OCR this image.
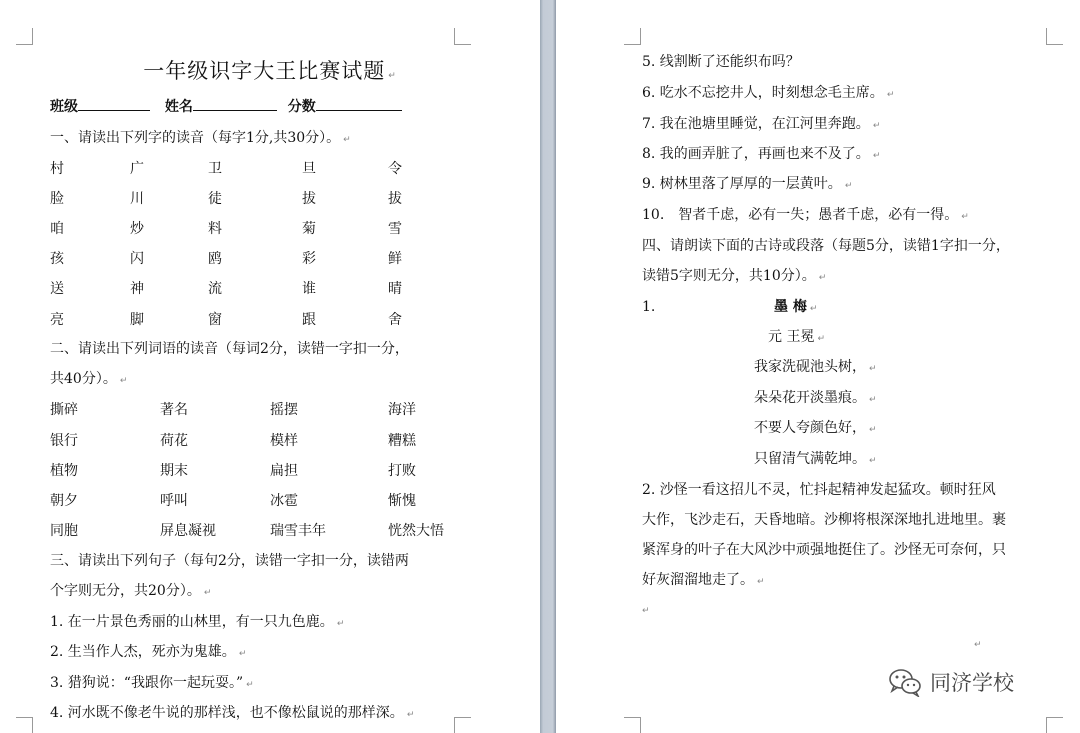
一年级识字大王比赛试题 ↵
班级	姓名	分数
一、请读出下列字的读音（每字1分,共30分）。 ↵
村	广	卫	旦	令
脸	川	徒	拔	拔
咱	炒	料	菊	雪
孩	闪	鸥	彩	鲜
送	神	流	谁	晴
亮	脚	窗	跟	舍
二、请读出下列词语的读音（每词2分，读错一字扣一分，
共40分）。 ↵
撕碎	著名	摇摆	海洋
银行	荷花	模样	糟糕
植物	期末	扁担	打败
朝夕	呼叫	冰雹	惭愧
同胞	屏息凝视	瑞雪丰年	恍然大悟
三、请读出下列句子（每句2分，读错一字扣一分，读错两
个字则无分，共20分）。 ↵
1. 在一片景色秀丽的山林里，有一只九色鹿。 ↵
2. 生当作人杰，死亦为鬼雄。 ↵
3. 猎狗说：“我跟你一起玩耍。” ↵
4. 河水既不像老牛说的那样浅，也不像松鼠说的那样深。 ↵
5. 线割断了还能织布吗？
6. 吃水不忘挖井人，时刻想念毛主席。 ↵
7. 我在池塘里睡觉，在江河里奔跑。 ↵
8. 我的画弄脏了，再画也来不及了。 ↵
9. 树林里落了厚厚的一层黄叶。 ↵
10.　智者千虑，必有一失；愚者千虑，必有一得。 ↵
四、请朗读下面的古诗或段落（每题5分，读错1字扣一分，
读错5字则无分，共10分）。 ↵
1.	墨 梅 ↵
元 王冕 ↵
我家洗砚池头树， ↵
朵朵花开淡墨痕。 ↵
不要人夸颜色好， ↵
只留清气满乾坤。 ↵
2. 沙怪一看这招儿不灵，忙抖起精神发起猛攻。顿时狂风
大作，飞沙走石，天昏地暗。沙柳将根深深地扎进地里。裹
紧浑身的叶子在大风沙中顽强地挺住了。沙怪无可奈何，只
好灰溜溜地走了。 ↵
↵
↵
同济学校
